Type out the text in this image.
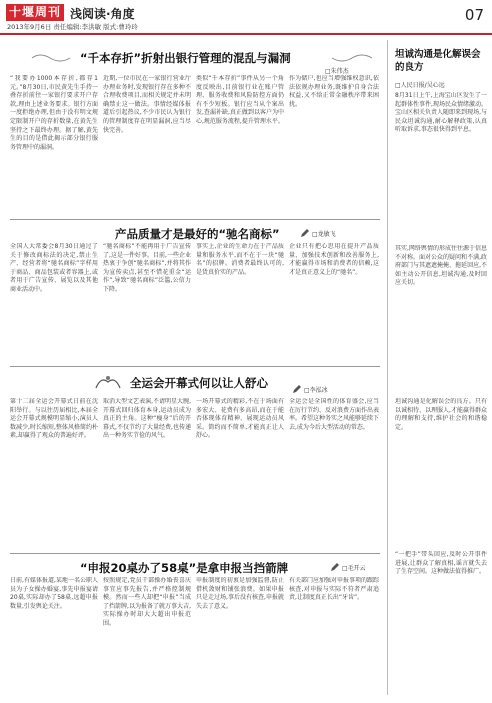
十堰周刊 浅阅读·角度
2013年9月6日 责任编辑:李洪敏 版式:曹玲玲
07
“千本存折”折射出银行管理的混乱与漏洞
□朱伟杰
“我要办1000本存折,都存1元。”8月30日,市民黄先生手持一叠存折前往一家银行要求开户存款,理由上述业务要求。银行方面一度拒绝办理,但由于没有明文规定限制开户的存折数量,在黄先生坚持之下最终办理。据了解,黄先生的目的是借此揭示部分银行服务管理中的漏洞。
近期,一位市民在一家银行营业厅办理业务时,发现银行存在多种不合理收费项目,而相关规定并未明确禁止这一做法。事情经媒体报道后引起热议,不少市民认为银行的管理制度存在明显漏洞,应当尽快完善。
类似“千本存折”事件从另一个角度反映出,目前银行业在账户管理、服务收费和风险防控方面仍有不少短板。银行应当从个案出发,查漏补缺,真正做到以客户为中心,规范服务流程,提升管理水平。
作为储户,也应当增强维权意识,依法依规办理业务,既维护自身合法权益,又不给正常金融秩序带来困扰。
产品质量才是最好的“驰名商标”	□龙敏飞
全国人大常委会8月30日通过了关于修改商标法的决定,禁止生产、经营者将“驰名商标”字样用于商品、商品包装或者容器上,或者用于广告宣传、展览以及其他商业活动中。
“驰名商标”不能再用于广告宣传了,这是一件好事。目前,一些企业热衷于争创“驰名商标”,并将其作为宣传卖点,甚至不惜花重金“运作”,导致“驰名商标”泛滥,公信力下降。
事实上,企业的生命力在于产品质量和服务水平,而不在于一块“驰名”的招牌。消费者最终认可的,是货真价实的产品。
企业只有把心思用在提升产品质量、加强技术创新和改善服务上,才能赢得市场和消费者的信赖,这才是真正意义上的“驰名”。
全运会开幕式何以让人舒心
□李泓冰
第十二届全运会开幕式日前在沈阳举行。与以往历届相比,本届全运会开幕式规模明显缩小,演员人数减少,时长缩短,整体风格简约朴素,却赢得了观众的普遍好评。
取消大型文艺表演,不请明星大腕,开幕式回归体育本身,运动员成为真正的主角。这种“瘦身”后的开幕式,不仅节约了大量经费,也传递出一种务实节俭的风气。
一场开幕式的精彩,不在于场面有多宏大、花费有多高昂,而在于能否体现体育精神、展现运动员风采。简约而不简单,才能真正让人舒心。
全运会是全国性的体育盛会,应当在厉行节约、反对浪费方面作出表率。希望这种务实之风能够延续下去,成为今后大型活动的常态。
“申报20桌办了58桌”是拿申报当挡箭牌	□毛开云
日前,有媒体报道,某地一名公职人员为子女操办婚宴,事先申报宴请20桌,实际却办了58桌,远超申报数量,引发舆论关注。
按照规定,党员干部操办婚丧喜庆事宜应事先报告,并严格控制规模。然而一些人却把“申报”当成了挡箭牌,以为报备了就万事大吉,实际操办时却大大超出申报范围。
申报制度的初衷是加强监督,防止借机敛财和铺张浪费。如果申报只是走过场,事后没有核查,申报就失去了意义。
有关部门应加强对申报事项的跟踪核查,对申报与实际不符者严肃追责,让制度真正长出“牙齿”。
坦诚沟通是化解误会的良方
□人民日报/吴心远
8月31日上午,上海宝山区发生了一起群体性事件,现场民众情绪激动。宝山区相关负责人随即来到现场,与民众坦诚沟通,耐心解释政策,认真听取诉求,事态很快得到平息。
其实,网络舆情的形成往往源于信息不对称。面对公众的疑问和不满,政府部门与其遮遮掩掩、拖延回应,不如主动公开信息,坦诚沟通,及时回应关切。
坦诚沟通是化解误会的良方。只有以诚相待、以理服人,才能赢得群众的理解和支持,维护社会的和谐稳定。
“一把手”带头回应,及时公开事件进展,让群众了解真相,谣言就失去了生存空间。这种做法值得推广。
